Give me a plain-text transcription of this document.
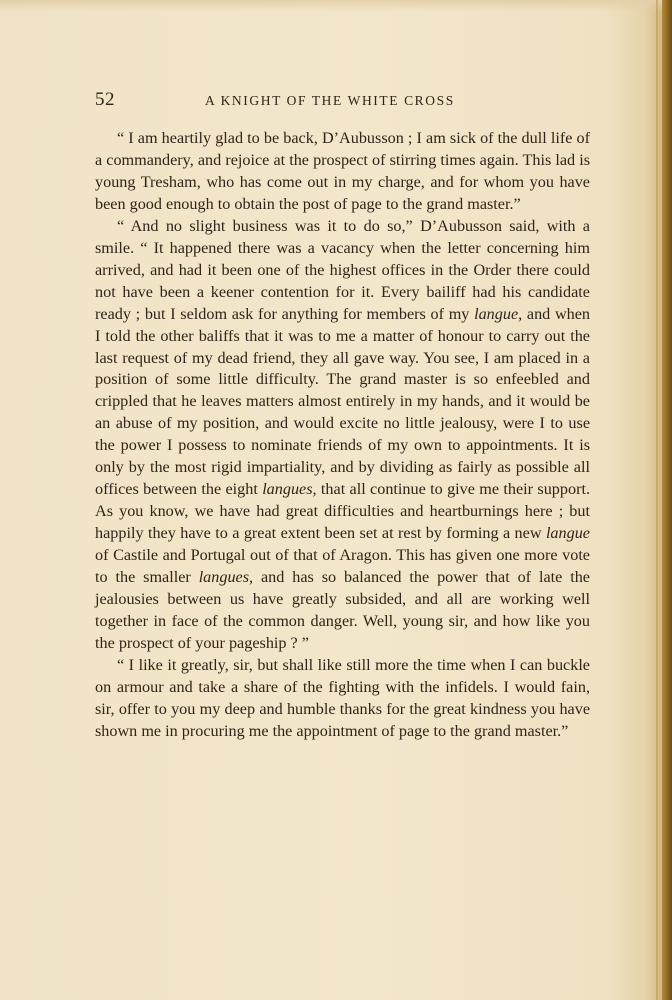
52	A KNIGHT OF THE WHITE CROSS

“ I am heartily glad to be back, D’Aubusson ; I am sick of the dull life of a commandery, and rejoice at the prospect of stirring times again. This lad is young Tresham, who has come out in my charge, and for whom you have been good enough to obtain the post of page to the grand master.”

“ And no slight business was it to do so,” D’Aubusson said, with a smile. “ It happened there was a vacancy when the letter concerning him arrived, and had it been one of the highest offices in the Order there could not have been a keener contention for it. Every bailiff had his candidate ready ; but I seldom ask for anything for members of my langue, and when I told the other baliffs that it was to me a matter of honour to carry out the last request of my dead friend, they all gave way. You see, I am placed in a position of some little difficulty. The grand master is so enfeebled and crippled that he leaves matters almost entirely in my hands, and it would be an abuse of my position, and would excite no little jealousy, were I to use the power I possess to nominate friends of my own to appointments. It is only by the most rigid impartiality, and by dividing as fairly as possible all offices between the eight langues, that all continue to give me their support. As you know, we have had great difficulties and heartburnings here ; but happily they have to a great extent been set at rest by forming a new langue of Castile and Portugal out of that of Aragon. This has given one more vote to the smaller langues, and has so balanced the power that of late the jealousies between us have greatly subsided, and all are working well together in face of the common danger. Well, young sir, and how like you the prospect of your pageship ? ”

“ I like it greatly, sir, but shall like still more the time when I can buckle on armour and take a share of the fighting with the infidels. I would fain, sir, offer to you my deep and humble thanks for the great kindness you have shown me in procuring me the appointment of page to the grand master.”
